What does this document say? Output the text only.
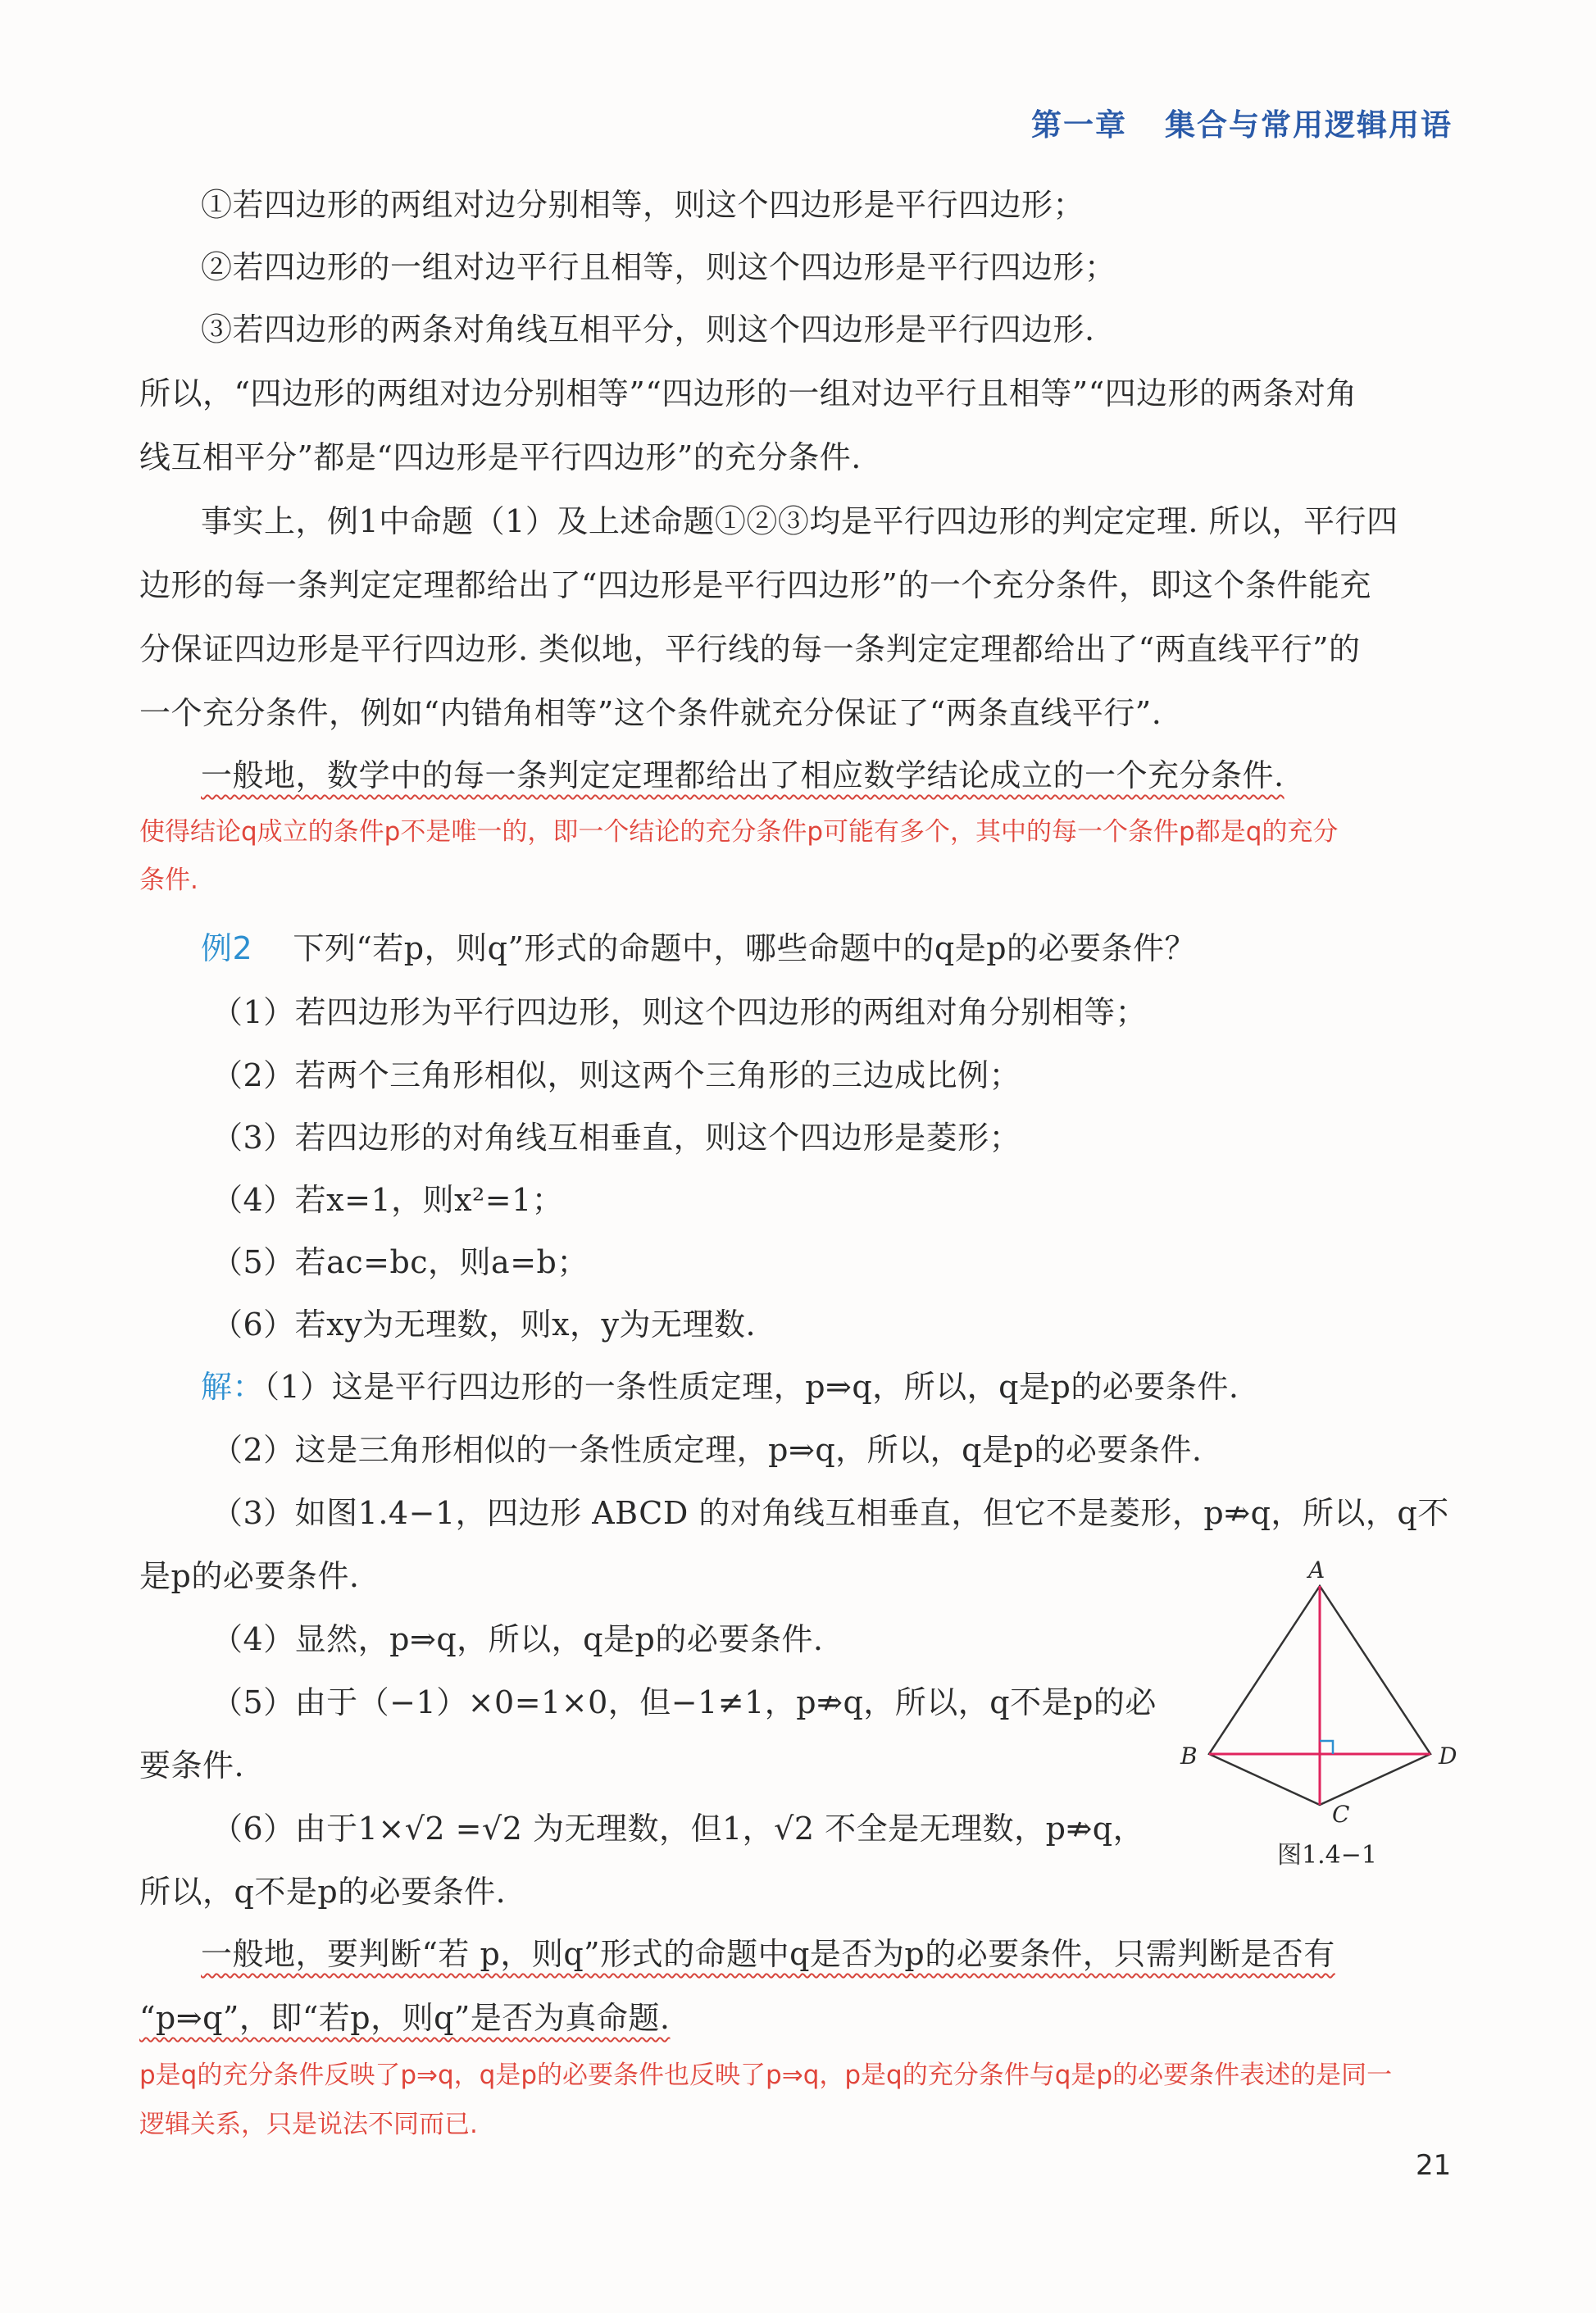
第一章 集合与常用逻辑用语
①若四边形的两组对边分别相等，则这个四边形是平行四边形；
②若四边形的一组对边平行且相等，则这个四边形是平行四边形；
③若四边形的两条对角线互相平分，则这个四边形是平行四边形.
所以，“四边形的两组对边分别相等”“四边形的一组对边平行且相等”“四边形的两条对角
线互相平分”都是“四边形是平行四边形”的充分条件.
事实上，例1中命题（1）及上述命题①②③均是平行四边形的判定定理. 所以，平行四
边形的每一条判定定理都给出了“四边形是平行四边形”的一个充分条件，即这个条件能充
分保证四边形是平行四边形. 类似地，平行线的每一条判定定理都给出了“两直线平行”的
一个充分条件，例如“内错角相等”这个条件就充分保证了“两条直线平行”.
一般地，数学中的每一条判定定理都给出了相应数学结论成立的一个充分条件.
使得结论q成立的条件p不是唯一的，即一个结论的充分条件p可能有多个，其中的每一个条件p都是q的充分
条件.
例2 下列“若p，则q”形式的命题中，哪些命题中的q是p的必要条件？
（1）若四边形为平行四边形，则这个四边形的两组对角分别相等；
（2）若两个三角形相似，则这两个三角形的三边成比例；
（3）若四边形的对角线互相垂直，则这个四边形是菱形；
（4）若x=1，则x²=1；
（5）若ac=bc，则a=b；
（6）若xy为无理数，则x，y为无理数.
解：（1）这是平行四边形的一条性质定理，p⇒q，所以，q是p的必要条件.
（2）这是三角形相似的一条性质定理，p⇒q，所以，q是p的必要条件.
（3）如图1.4−1，四边形 ABCD 的对角线互相垂直，但它不是菱形，p⇏q，所以，q不
是p的必要条件.
（4）显然，p⇒q，所以，q是p的必要条件.
（5）由于（−1）×0=1×0，但−1≠1，p⇏q，所以，q不是p的必
要条件.
（6）由于1×√2 =√2 为无理数，但1，√2 不全是无理数，p⇏q，
所以，q不是p的必要条件.
一般地，要判断“若 p，则q”形式的命题中q是否为p的必要条件，只需判断是否有
“p⇒q”，即“若p，则q”是否为真命题.
p是q的充分条件反映了p⇒q，q是p的必要条件也反映了p⇒q，p是q的充分条件与q是p的必要条件表述的是同一
逻辑关系，只是说法不同而已.
A
B
C
D
图1.4−1
21
